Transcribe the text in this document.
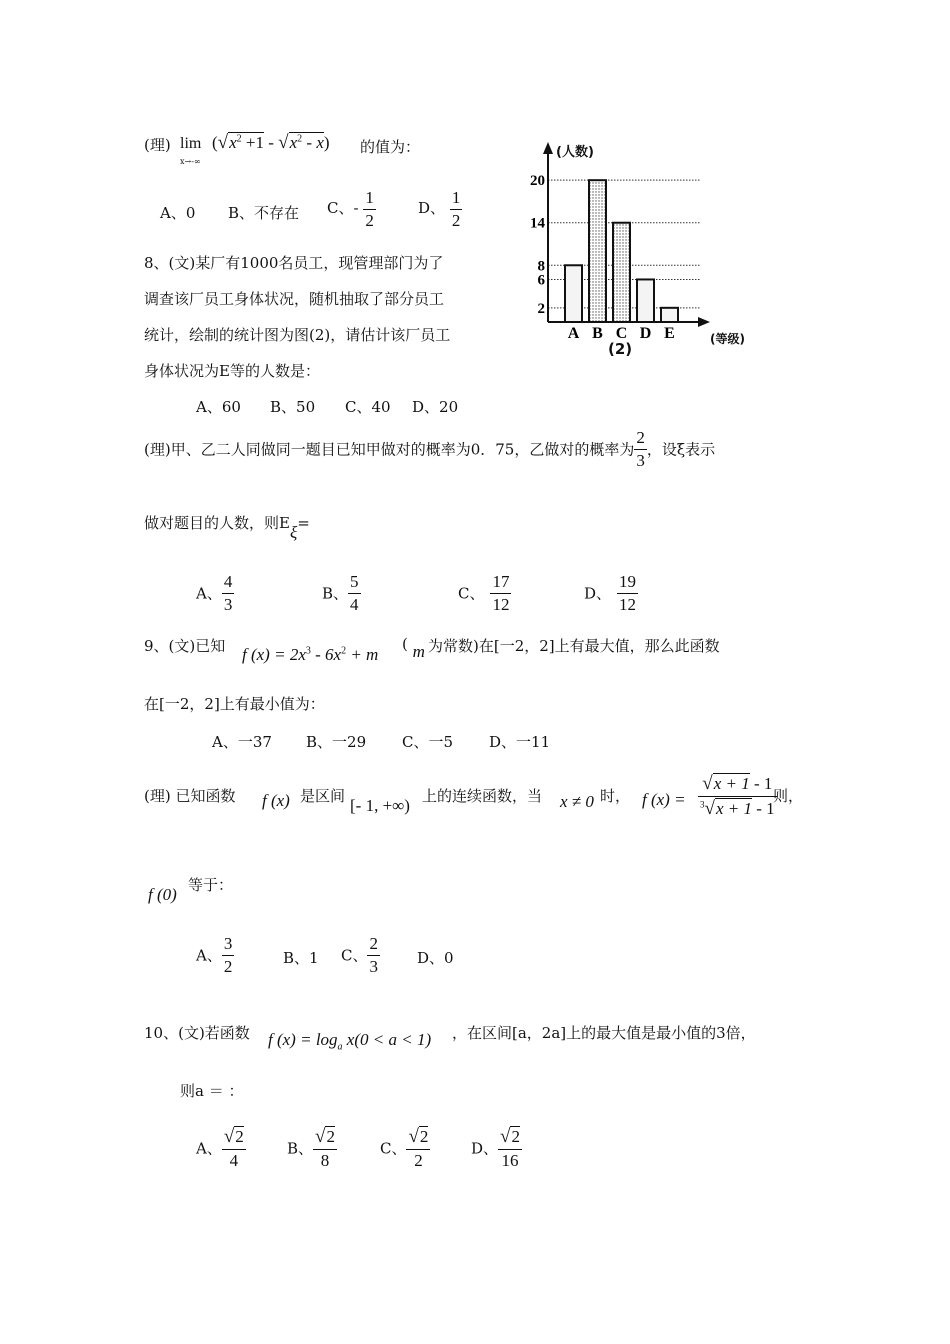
(理) lim
x→-∞
$(√x^2 +1 - √x^2 - x)$ 的值为：
A、0 B、不存在 C、- $\frac{1}{2}$	D、 $\frac{1}{2}$
(人数)
(等级)
(2)
2
6
8
14
20
A B C D E
8、(文)某厂有1000名员工，现管理部门为了
调查该厂员工身体状况，随机抽取了部分员工
统计，绘制的统计图为图(2)，请估计该厂员工
身体状况为E等的人数是：
A、60 B、50 C、40 D、20
(理)甲、乙二人同做同一题目已知甲做对的概率为0．75，乙做对的概率为 $\frac{2}{3}$ ，设ξ表示
做对题目的人数，则Eξ=
A、 $\frac{4}{3}$	B、 $\frac{5}{4}$	C、 $\frac{17}{12}$	D、 $\frac{19}{12}$
9、(文)已知 f $(x) = 2x^3 - 6x^2 + m$
( m 为常数)在[一2，2]上有最大值，那么此函数
在[一2，2]上有最小值为：
A、一37 B、一29 C、一5 D、一11
(理) 已知函数 f (x) 是区间 [- 1, +∞) 上的连续函数，当 x ≠ 0 时， f $(x) = \frac{√x + 1 - 1}{^3√x + 1 - 1}$
则，
f (0) 等于：
A、 $\frac{3}{2}$	B、1 C、 $\frac{2}{3}$ D、0
10、(文)若函数 f $(x) = \log_a x(0 < a < 1)$ ，在区间[a，2a]上的最大值是最小值的3倍，
则a ＝ ：
A、 $\frac{√2}{4}$	B、 $\frac{√2}{8}$	C、 $\frac{√2}{2}$	D、 $\frac{√2}{16}$
